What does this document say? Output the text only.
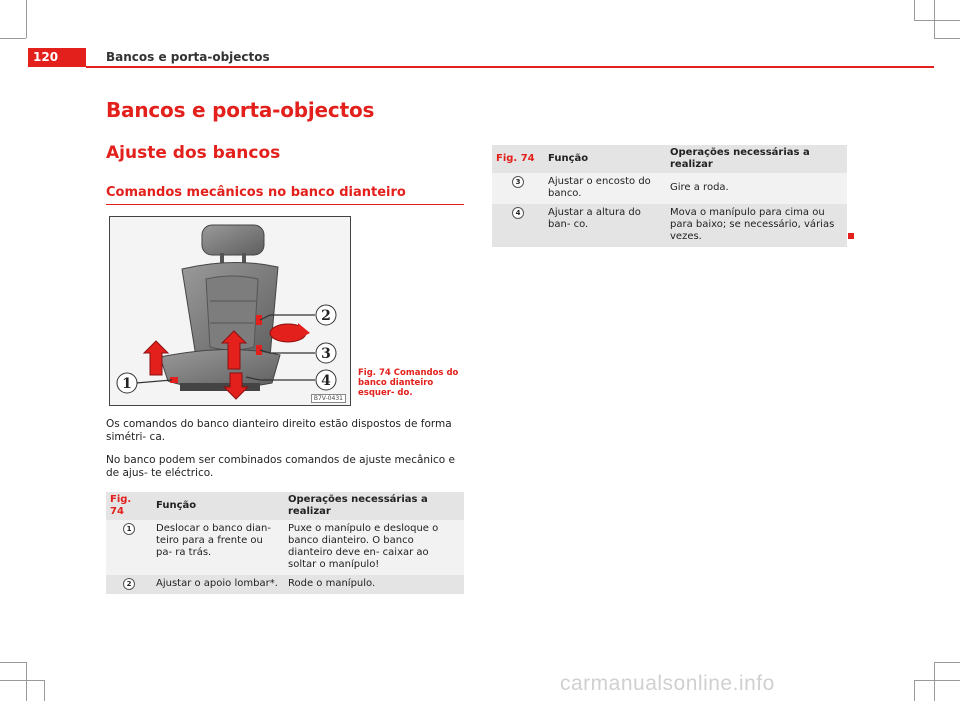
120	Bancos e porta-objectos
Bancos e porta-objectos
Ajuste dos bancos
Comandos mecânicos no banco dianteiro
1
2
3
4
B7V-0431
Fig. 74 Comandos do banco dianteiro esquer- do.

Os comandos do banco dianteiro direito estão dispostos de forma simétri- ca.

No banco podem ser combinados comandos de ajuste mecânico e de ajus- te eléctrico.

Fig. 74	Função	Operações necessárias a realizar
1	Deslocar o banco dian- teiro para a frente ou pa- ra trás.	Puxe o manípulo e desloque o banco dianteiro. O banco dianteiro deve en- caixar ao soltar o manípulo!
2	Ajustar o apoio lombar*.	Rode o manípulo.
Fig. 74	Função	Operações necessárias a realizar
3	Ajustar o encosto do banco.	Gire a roda.
4	Ajustar a altura do ban- co.	Mova o manípulo para cima ou para baixo; se necessário, várias vezes.
carmanualsonline.info
